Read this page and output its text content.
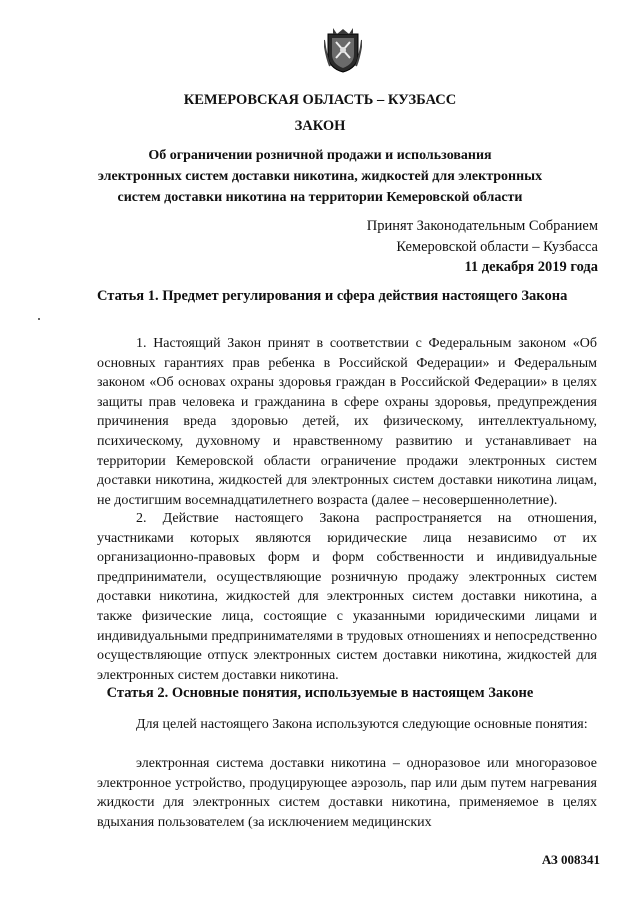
КЕМЕРОВСКАЯ ОБЛАСТЬ – КУЗБАСС
ЗАКОН
Об ограничении розничной продажи и использования
электронных систем доставки никотина, жидкостей для электронных
систем доставки никотина на территории Кемеровской области
Принят Законодательным Собранием
Кемеровской области – Кузбасса
11 декабря 2019 года
Статья 1. Предмет регулирования и сфера действия настоящего Закона
1. Настоящий Закон принят в соответствии с Федеральным законом «Об основных гарантиях прав ребенка в Российской Федерации» и Федеральным законом «Об основах охраны здоровья граждан в Российской Федерации» в целях защиты прав человека и гражданина в сфере охраны здоровья, предупреждения причинения вреда здоровью детей, их физическому, интеллектуальному, психическому, духовному и нравственному развитию и устанавливает на территории Кемеровской области ограничение продажи электронных систем доставки никотина, жидкостей для электронных систем доставки никотина лицам, не достигшим восемнадцатилетнего возраста (далее – несовершеннолетние).
2. Действие настоящего Закона распространяется на отношения, участниками которых являются юридические лица независимо от их организационно-правовых форм и форм собственности и индивидуальные предприниматели, осуществляющие розничную продажу электронных систем доставки никотина, жидкостей для электронных систем доставки никотина, а также физические лица, состоящие с указанными юридическими лицами и индивидуальными предпринимателями в трудовых отношениях и непосредственно осуществляющие отпуск электронных систем доставки никотина, жидкостей для электронных систем доставки никотина.
Статья 2. Основные понятия, используемые в настоящем Законе
Для целей настоящего Закона используются следующие основные понятия:
электронная система доставки никотина – одноразовое или многоразовое электронное устройство, продуцирующее аэрозоль, пар или дым путем нагревания жидкости для электронных систем доставки никотина, применяемое в целях вдыхания пользователем (за исключением медицинских
АЗ 008341
